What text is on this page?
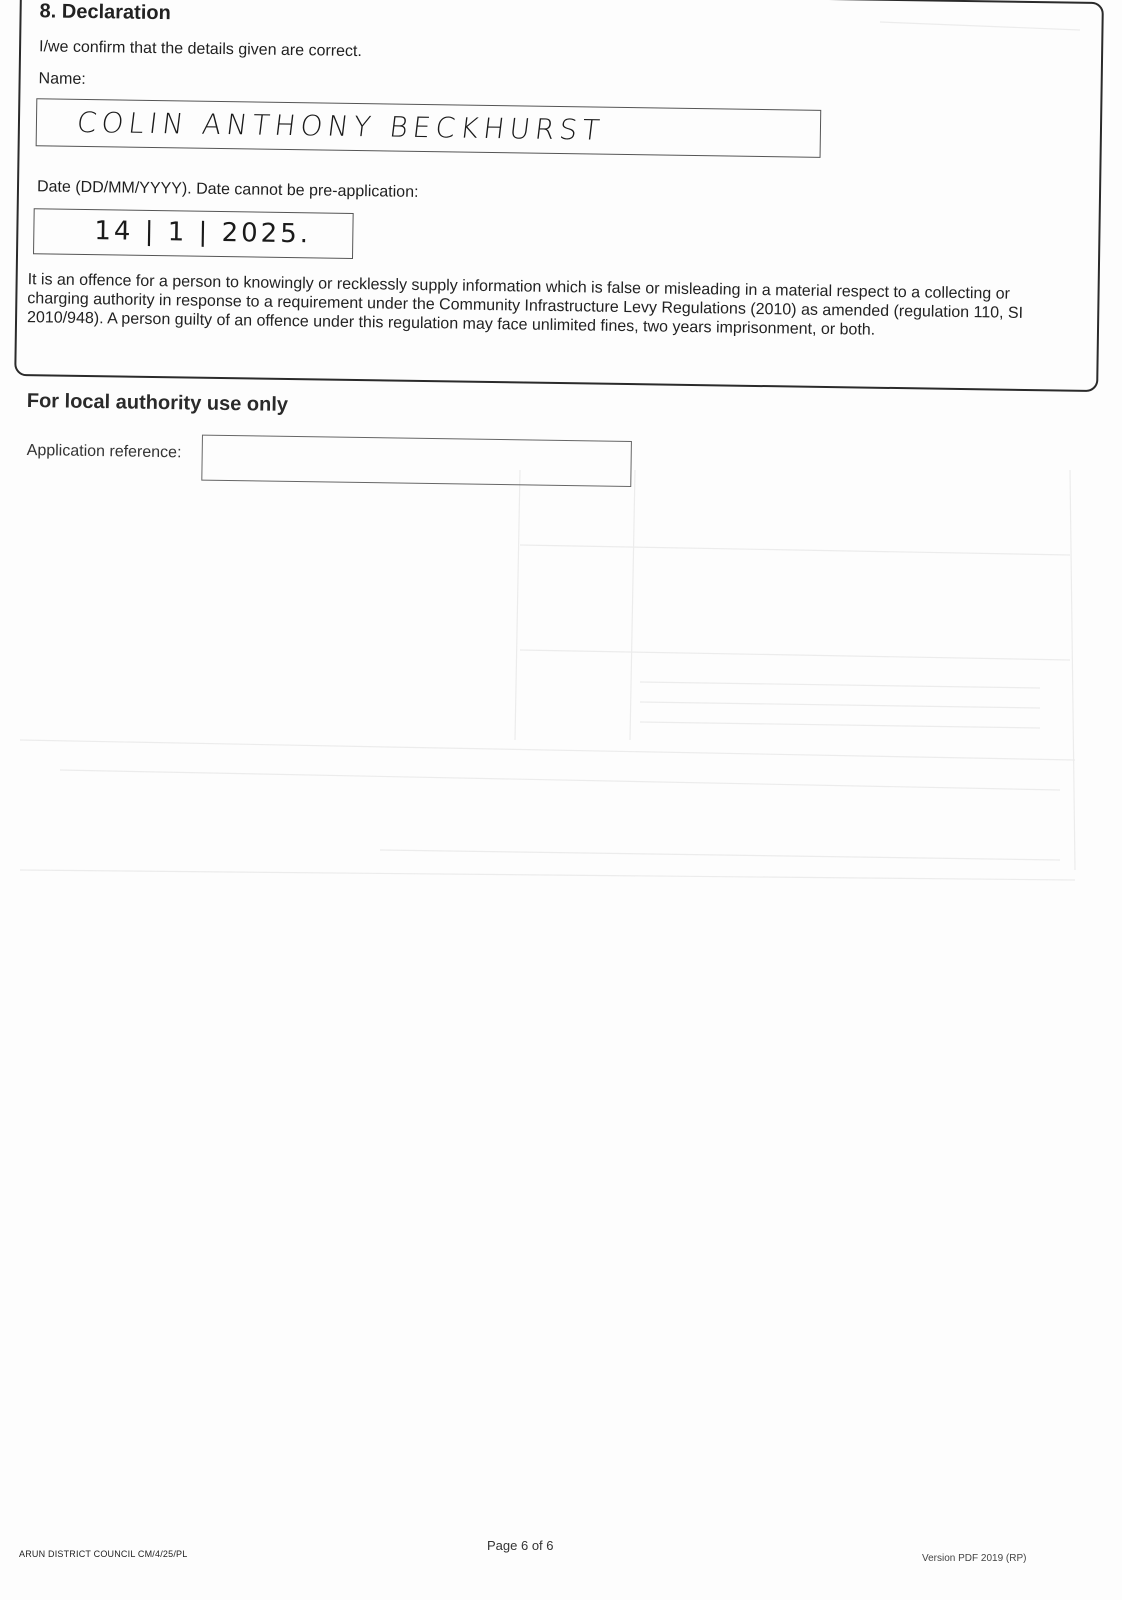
8. Declaration
I/we confirm that the details given are correct.
Name:
COLIN ANTHONY BECKHURST
Date (DD/MM/YYYY). Date cannot be pre-application:
14 | 1 | 2025.
It is an offence for a person to knowingly or recklessly supply information which is false or misleading in a material respect to a collecting or charging authority in response to a requirement under the Community Infrastructure Levy Regulations (2010) as amended (regulation 110, SI 2010/948). A person guilty of an offence under this regulation may face unlimited fines, two years imprisonment, or both.
For local authority use only
Application reference:
ARUN DISTRICT COUNCIL CM/4/25/PL
Page 6 of 6
Version PDF 2019 (RP)
